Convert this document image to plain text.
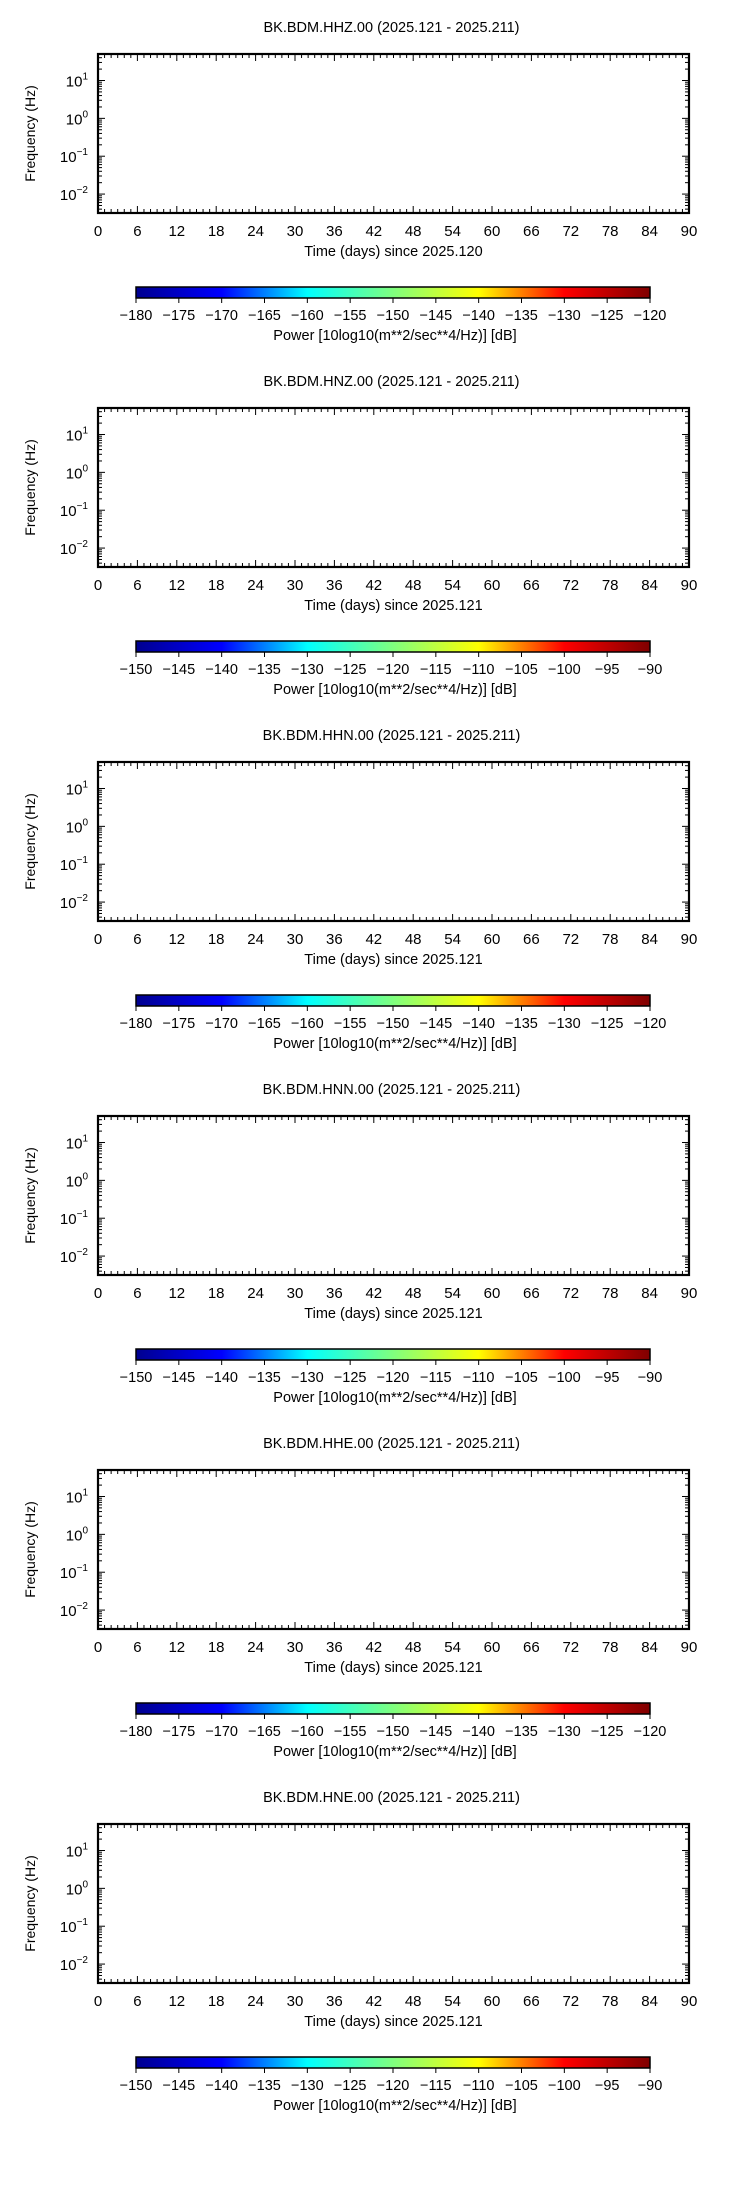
BK.BDM.HHZ.00 (2025.121 - 2025.211)
$10^1$
$10^0$
$10^{-1}$
$10^{-2}$
Frequency (Hz)
0 6 12 18 24 30 36 42 48 54 60 66 72 78 84 90
Time (days) since 2025.120
−180 −175 −170 −165 −160 −155 −150 −145 −140 −135 −130 −125 −120
Power [10log10(m**2/sec**4/Hz)] [dB]
BK.BDM.HNZ.00 (2025.121 - 2025.211)
$10^1$
$10^0$
$10^{-1}$
$10^{-2}$
Frequency (Hz)
0 6 12 18 24 30 36 42 48 54 60 66 72 78 84 90
Time (days) since 2025.121
−150 −145 −140 −135 −130 −125 −120 −115 −110 −105 −100 −95 −90
Power [10log10(m**2/sec**4/Hz)] [dB]
BK.BDM.HHN.00 (2025.121 - 2025.211)
$10^1$
$10^0$
$10^{-1}$
$10^{-2}$
Frequency (Hz)
0 6 12 18 24 30 36 42 48 54 60 66 72 78 84 90
Time (days) since 2025.121
−180 −175 −170 −165 −160 −155 −150 −145 −140 −135 −130 −125 −120
Power [10log10(m**2/sec**4/Hz)] [dB]
BK.BDM.HNN.00 (2025.121 - 2025.211)
$10^1$
$10^0$
$10^{-1}$
$10^{-2}$
Frequency (Hz)
0 6 12 18 24 30 36 42 48 54 60 66 72 78 84 90
Time (days) since 2025.121
−150 −145 −140 −135 −130 −125 −120 −115 −110 −105 −100 −95 −90
Power [10log10(m**2/sec**4/Hz)] [dB]
BK.BDM.HHE.00 (2025.121 - 2025.211)
$10^1$
$10^0$
$10^{-1}$
$10^{-2}$
Frequency (Hz)
0 6 12 18 24 30 36 42 48 54 60 66 72 78 84 90
Time (days) since 2025.121
−180 −175 −170 −165 −160 −155 −150 −145 −140 −135 −130 −125 −120
Power [10log10(m**2/sec**4/Hz)] [dB]
BK.BDM.HNE.00 (2025.121 - 2025.211)
$10^1$
$10^0$
$10^{-1}$
$10^{-2}$
Frequency (Hz)
0 6 12 18 24 30 36 42 48 54 60 66 72 78 84 90
Time (days) since 2025.121
−150 −145 −140 −135 −130 −125 −120 −115 −110 −105 −100 −95 −90
Power [10log10(m**2/sec**4/Hz)] [dB]
